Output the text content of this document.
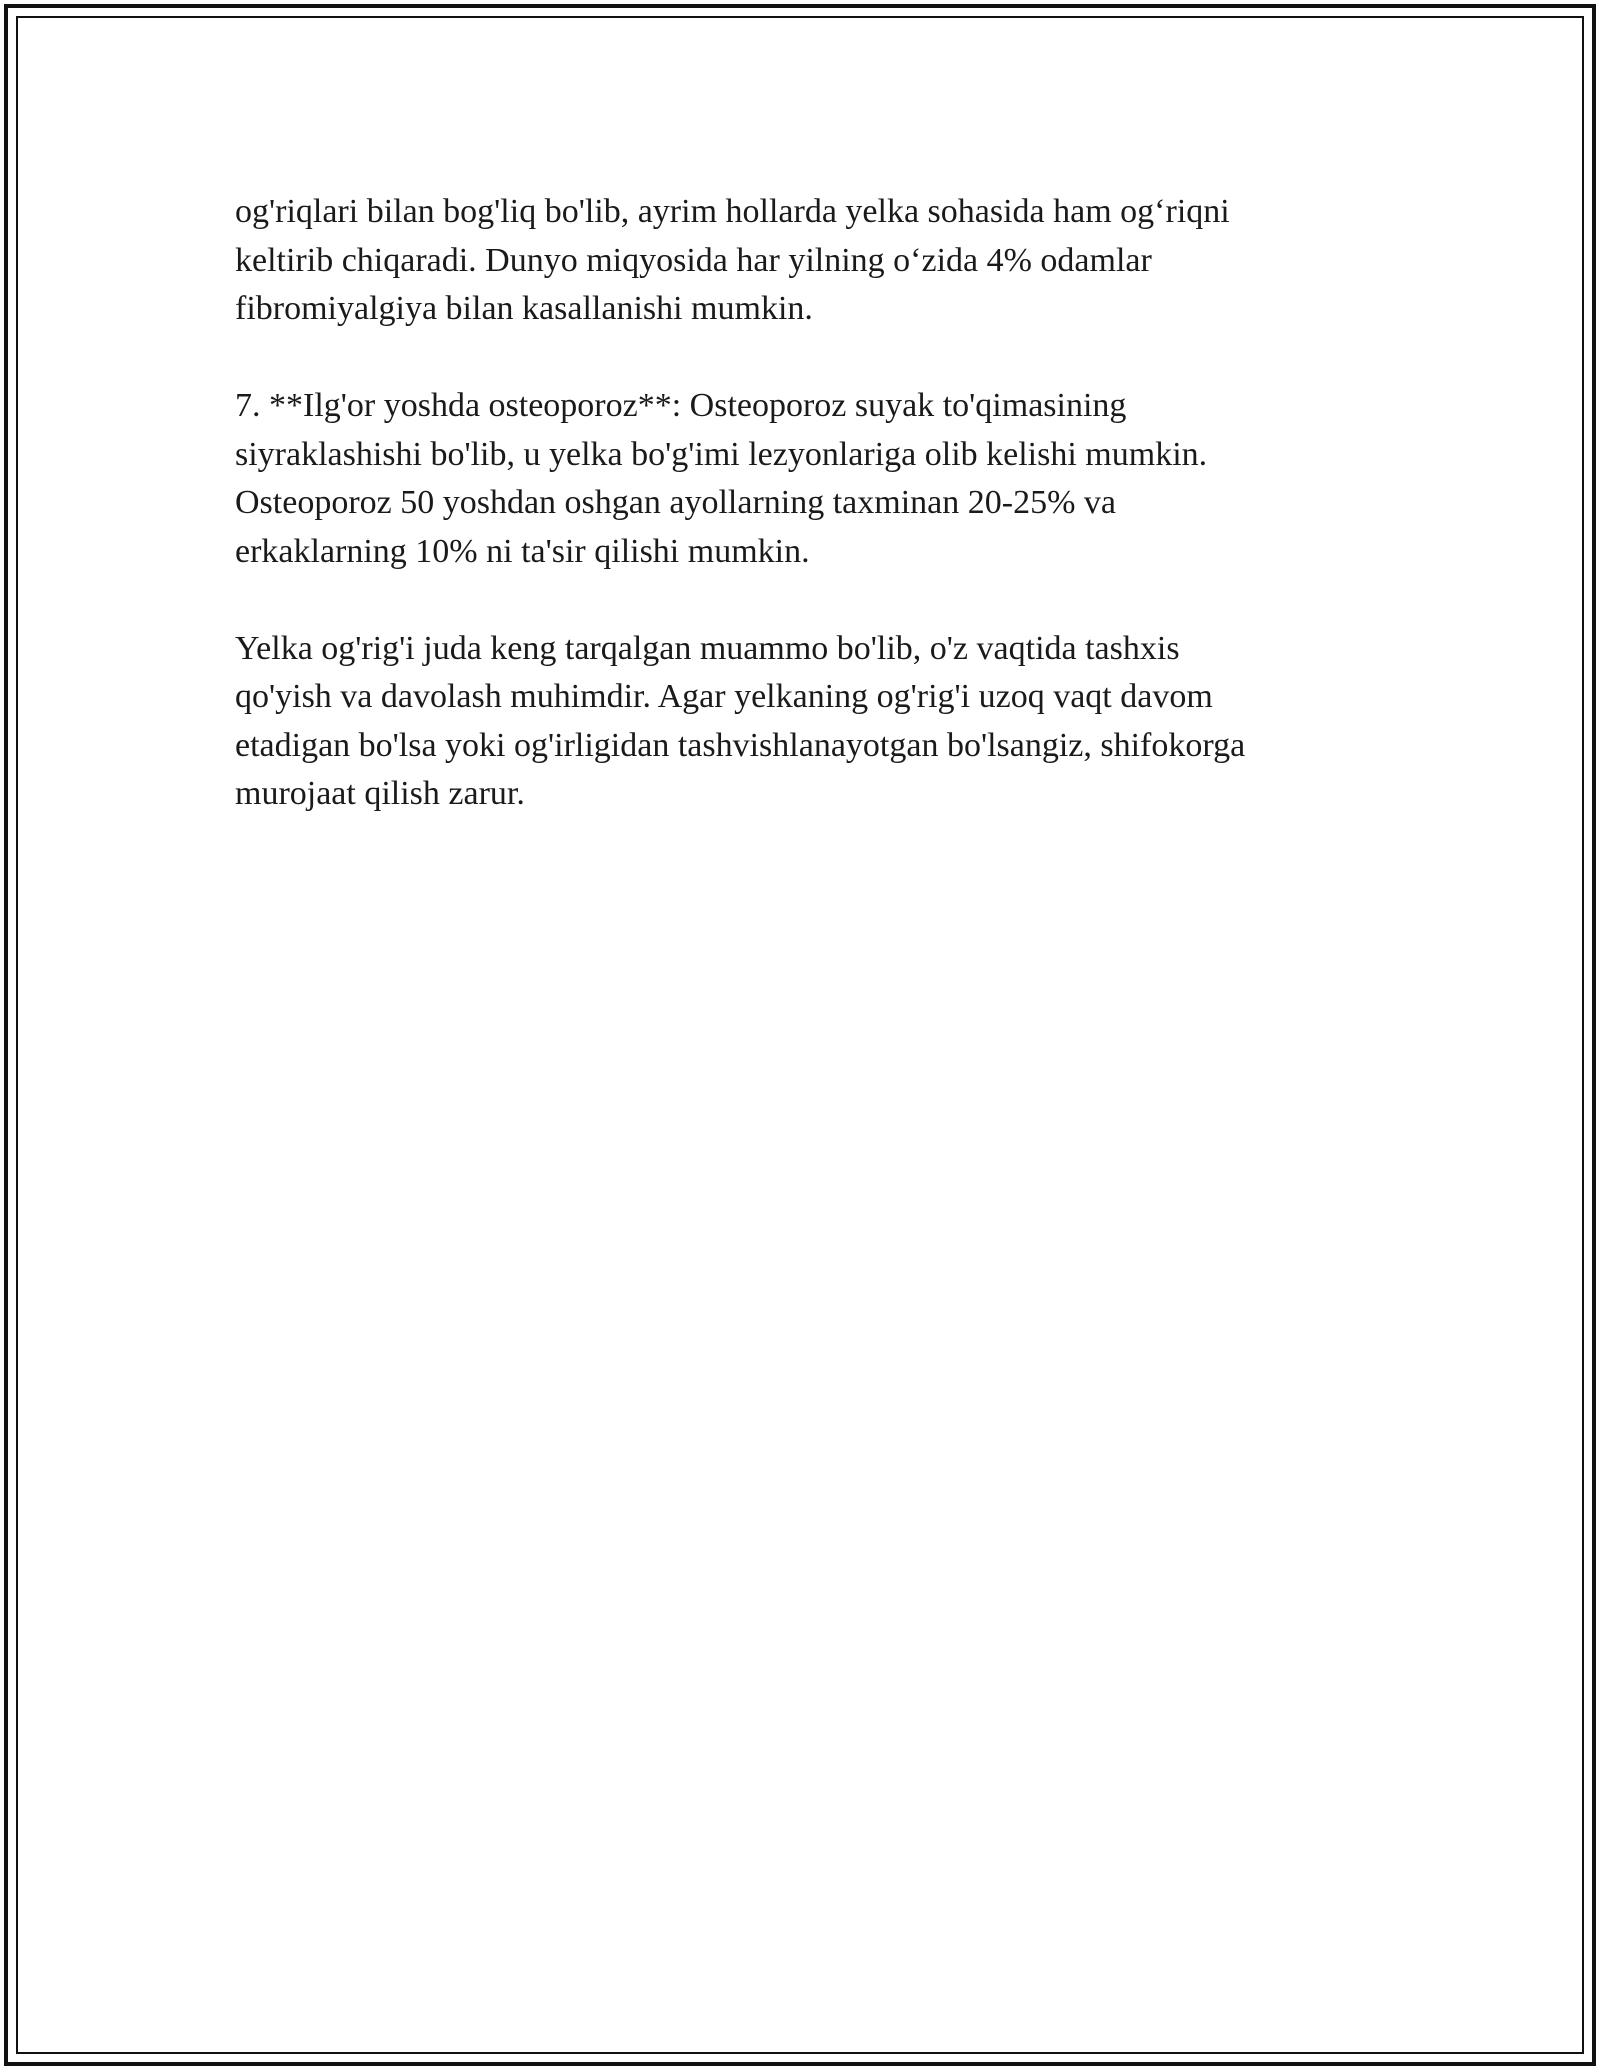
og'riqlari bilan bog'liq bo'lib, ayrim hollarda yelka sohasida ham og‘riqni
keltirib chiqaradi. Dunyo miqyosida har yilning o‘zida 4% odamlar
fibromiyalgiya bilan kasallanishi mumkin.

7. **Ilg'or yoshda osteoporoz**: Osteoporoz suyak to'qimasining
siyraklashishi bo'lib, u yelka bo'g'imi lezyonlariga olib kelishi mumkin.
Osteoporoz 50 yoshdan oshgan ayollarning taxminan 20-25% va
erkaklarning 10% ni ta'sir qilishi mumkin.

Yelka og'rig'i juda keng tarqalgan muammo bo'lib, o'z vaqtida tashxis
qo'yish va davolash muhimdir. Agar yelkaning og'rig'i uzoq vaqt davom
etadigan bo'lsa yoki og'irligidan tashvishlanayotgan bo'lsangiz, shifokorga
murojaat qilish zarur.
